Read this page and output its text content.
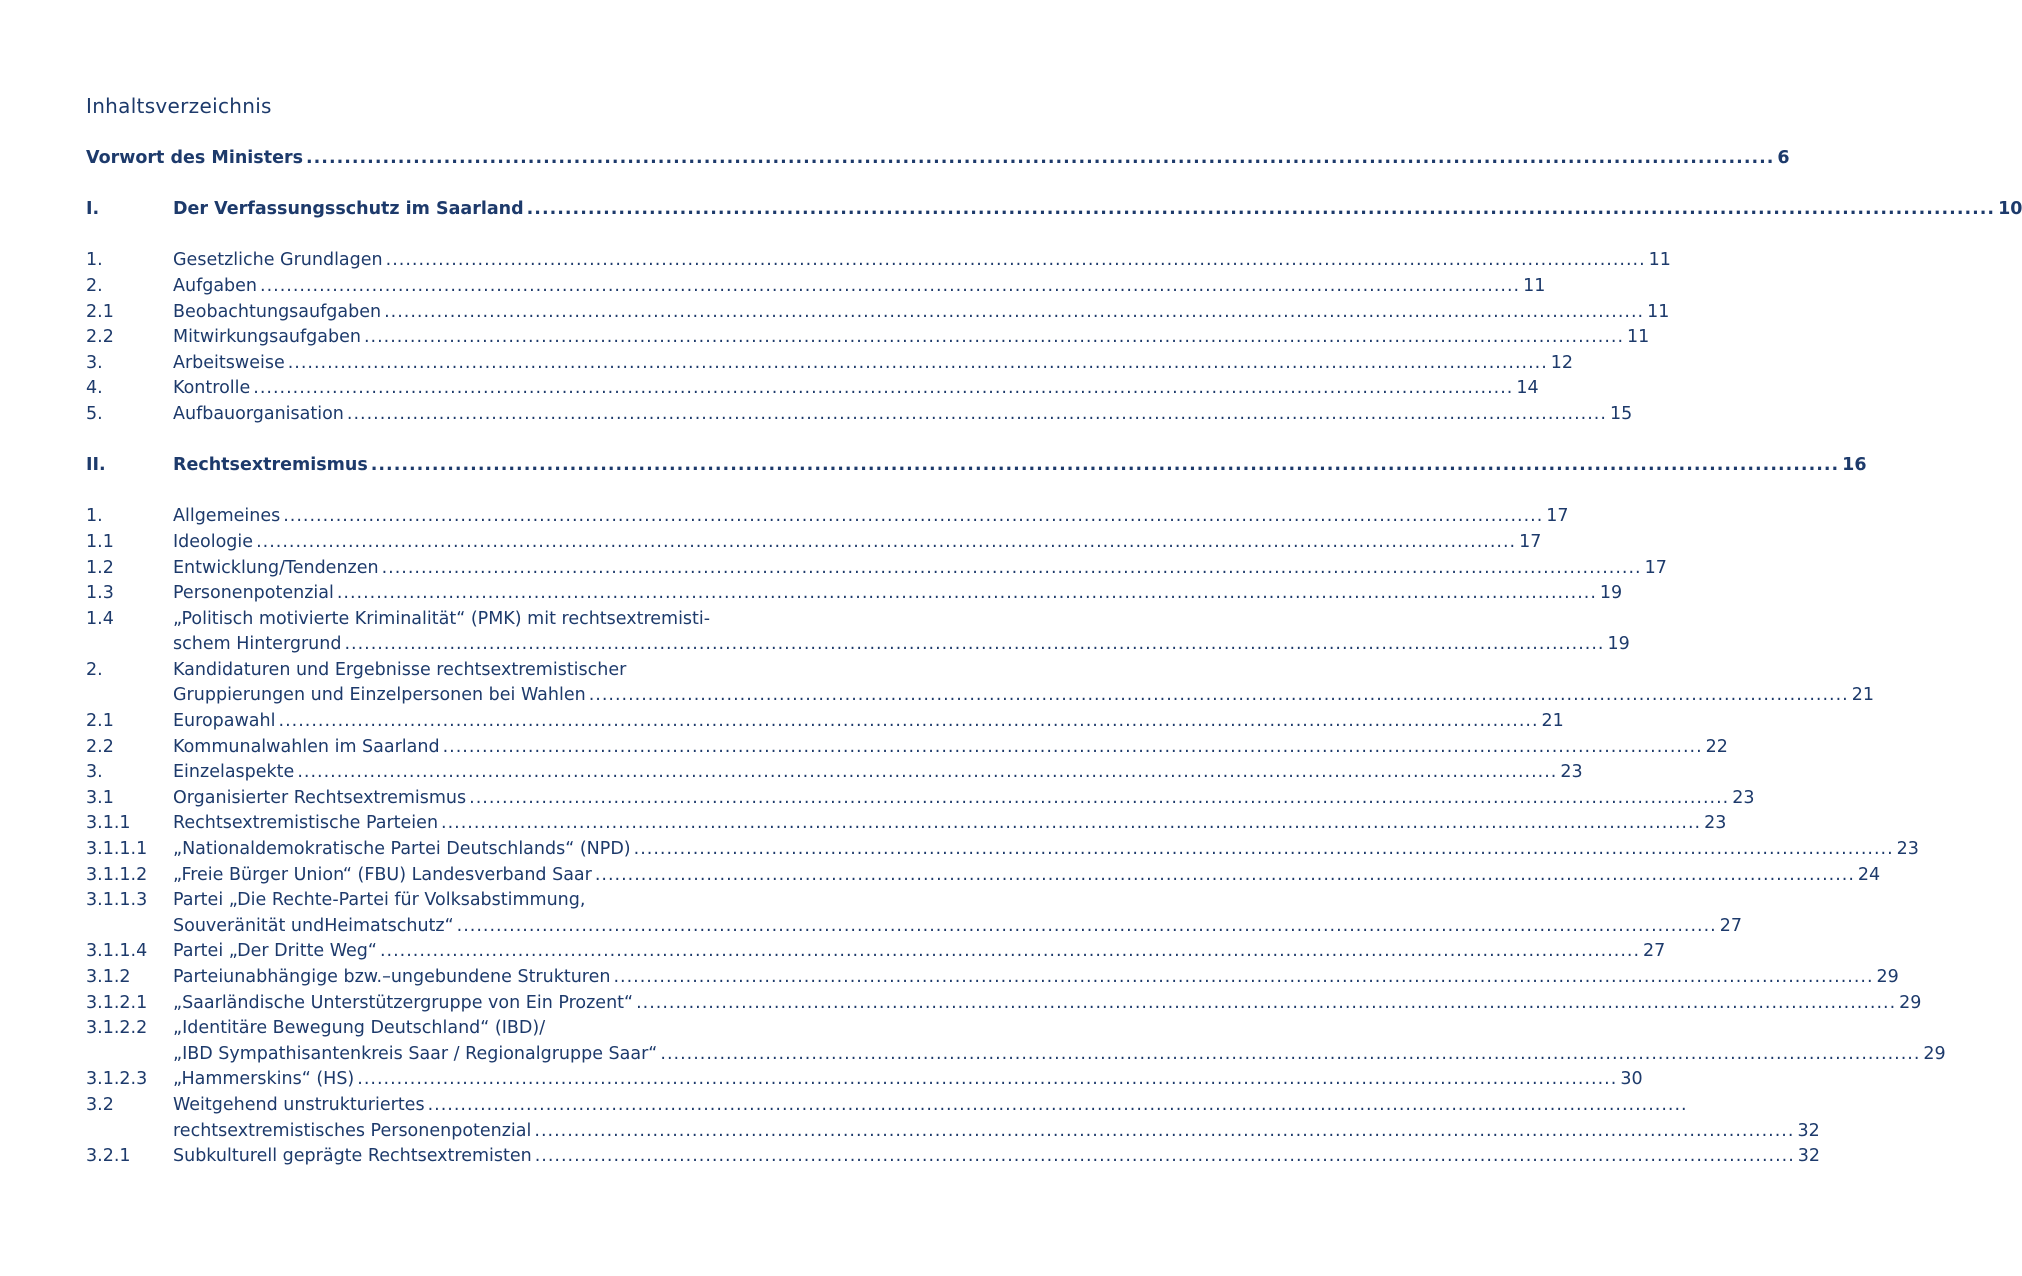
Inhaltsverzeichnis
Vorwort des Ministers .....	6
I.	Der Verfassungsschutz im Saarland .....	10
1.	Gesetzliche Grundlagen .....	11
2.	Aufgaben .....	11
2.1	Beobachtungsaufgaben .....	11
2.2	Mitwirkungsaufgaben .....	11
3.	Arbeitsweise .....	12
4.	Kontrolle .....	14
5.	Aufbauorganisation .....	15
II.	Rechtsextremismus .....	16
1.	Allgemeines .....	17
1.1	Ideologie .....	17
1.2	Entwicklung/Tendenzen .....	17
1.3	Personenpotenzial .....	19
1.4	„Politisch motivierte Kriminalität“ (PMK) mit rechtsextremisti-
schem Hintergrund .....	19
2.	Kandidaturen und Ergebnisse rechtsextremistischer
Gruppierungen und Einzelpersonen bei Wahlen .....	21
2.1	Europawahl .....	21
2.2	Kommunalwahlen im Saarland .....	22
3.	Einzelaspekte .....	23
3.1	Organisierter Rechtsextremismus .....	23
3.1.1 Rechtsextremistische Parteien .....	23
3.1.1.1 „Nationaldemokratische Partei Deutschlands“ (NPD) .....	23
3.1.1.2 „Freie Bürger Union“ (FBU) Landesverband Saar .....	24
3.1.1.3 Partei „Die Rechte-Partei für Volksabstimmung,
Souveränität undHeimatschutz“ .....	27
3.1.1.4 Partei „Der Dritte Weg“ .....	27
3.1.2 Parteiunabhängige bzw.–ungebundene Strukturen .....	29
3.1.2.1 „Saarländische Unterstützergruppe von Ein Prozent“ .....	29
3.1.2.2 „Identitäre Bewegung Deutschland“ (IBD)/
„IBD Sympathisantenkreis Saar / Regionalgruppe Saar“ .....	29
3.1.2.3 „Hammerskins“ (HS) .....	30
3.2	Weitgehend unstrukturiertes
.....
rechtsextremistisches Personenpotenzial .....	32
3.2.1 Subkulturell geprägte Rechtsextremisten .....	32
